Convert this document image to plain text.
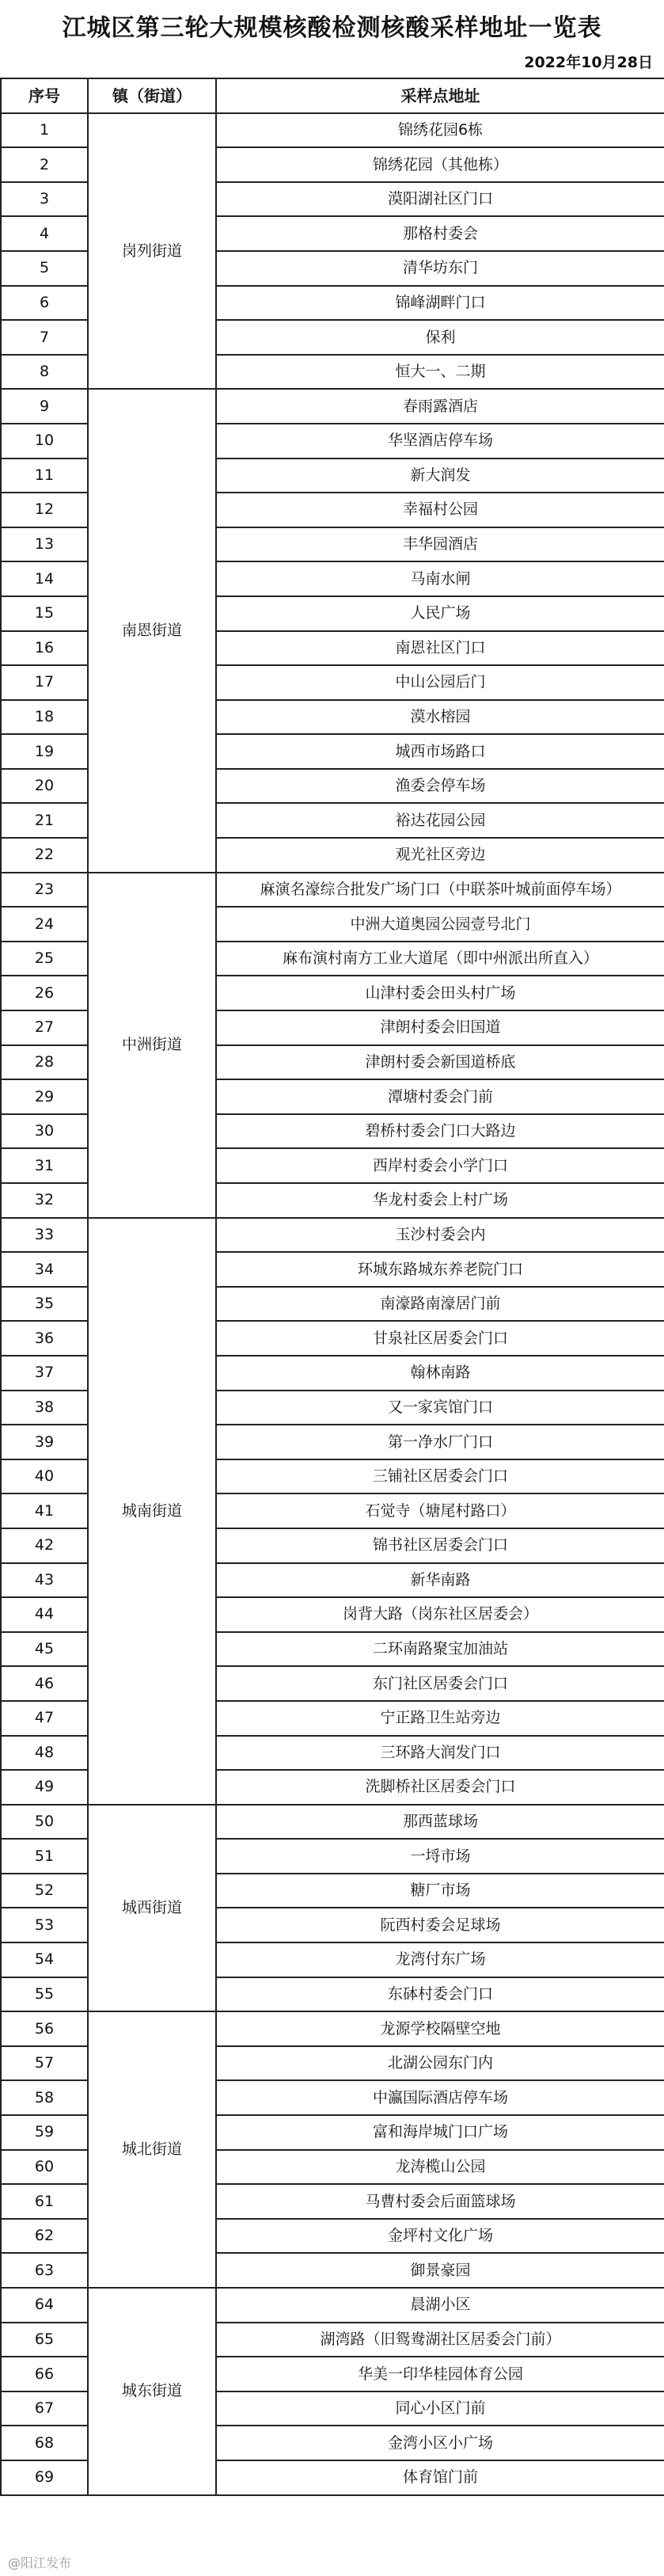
江城区第三轮大规模核酸检测核酸采样地址一览表
2022年10月28日
序号	镇（街道）	采样点地址
1	岗列街道	锦绣花园6栋
2		锦绣花园（其他栋）
3		漠阳湖社区门口
4		那格村委会
5		清华坊东门
6		锦峰湖畔门口
7		保利
8		恒大一、二期
9	南恩街道	春雨露酒店
10		华坚酒店停车场
11		新大润发
12		幸福村公园
13		丰华园酒店
14		马南水闸
15		人民广场
16		南恩社区门口
17		中山公园后门
18		漠水榕园
19		城西市场路口
20		渔委会停车场
21		裕达花园公园
22		观光社区旁边
23	中洲街道	麻演名濠综合批发广场门口（中联茶叶城前面停车场）
24		中洲大道奥园公园壹号北门
25		麻布演村南方工业大道尾（即中州派出所直入）
26		山津村委会田头村广场
27		津朗村委会旧国道
28		津朗村委会新国道桥底
29		潭塘村委会门前
30		碧桥村委会门口大路边
31		西岸村委会小学门口
32		华龙村委会上村广场
33	城南街道	玉沙村委会内
34		环城东路城东养老院门口
35		南濠路南濠居门前
36		甘泉社区居委会门口
37		翰林南路
38		又一家宾馆门口
39		第一净水厂门口
40		三铺社区居委会门口
41		石觉寺（塘尾村路口）
42		锦书社区居委会门口
43		新华南路
44		岗背大路（岗东社区居委会）
45		二环南路聚宝加油站
46		东门社区居委会门口
47		宁正路卫生站旁边
48		三环路大润发门口
49		洗脚桥社区居委会门口
50	城西街道	那西蓝球场
51		一埒市场
52		糖厂市场
53		阮西村委会足球场
54		龙湾付东广场
55		东砵村委会门口
56	城北街道	龙源学校隔壁空地
57		北湖公园东门内
58		中瀛国际酒店停车场
59		富和海岸城门口广场
60		龙涛榄山公园
61		马曹村委会后面篮球场
62		金坪村文化广场
63		御景豪园
64	城东街道	晨湖小区
65		湖湾路（旧鸳鸯湖社区居委会门前）
66		华美一印华桂园体育公园
67		同心小区门前
68		金湾小区小广场
69		体育馆门前
@阳江发布
